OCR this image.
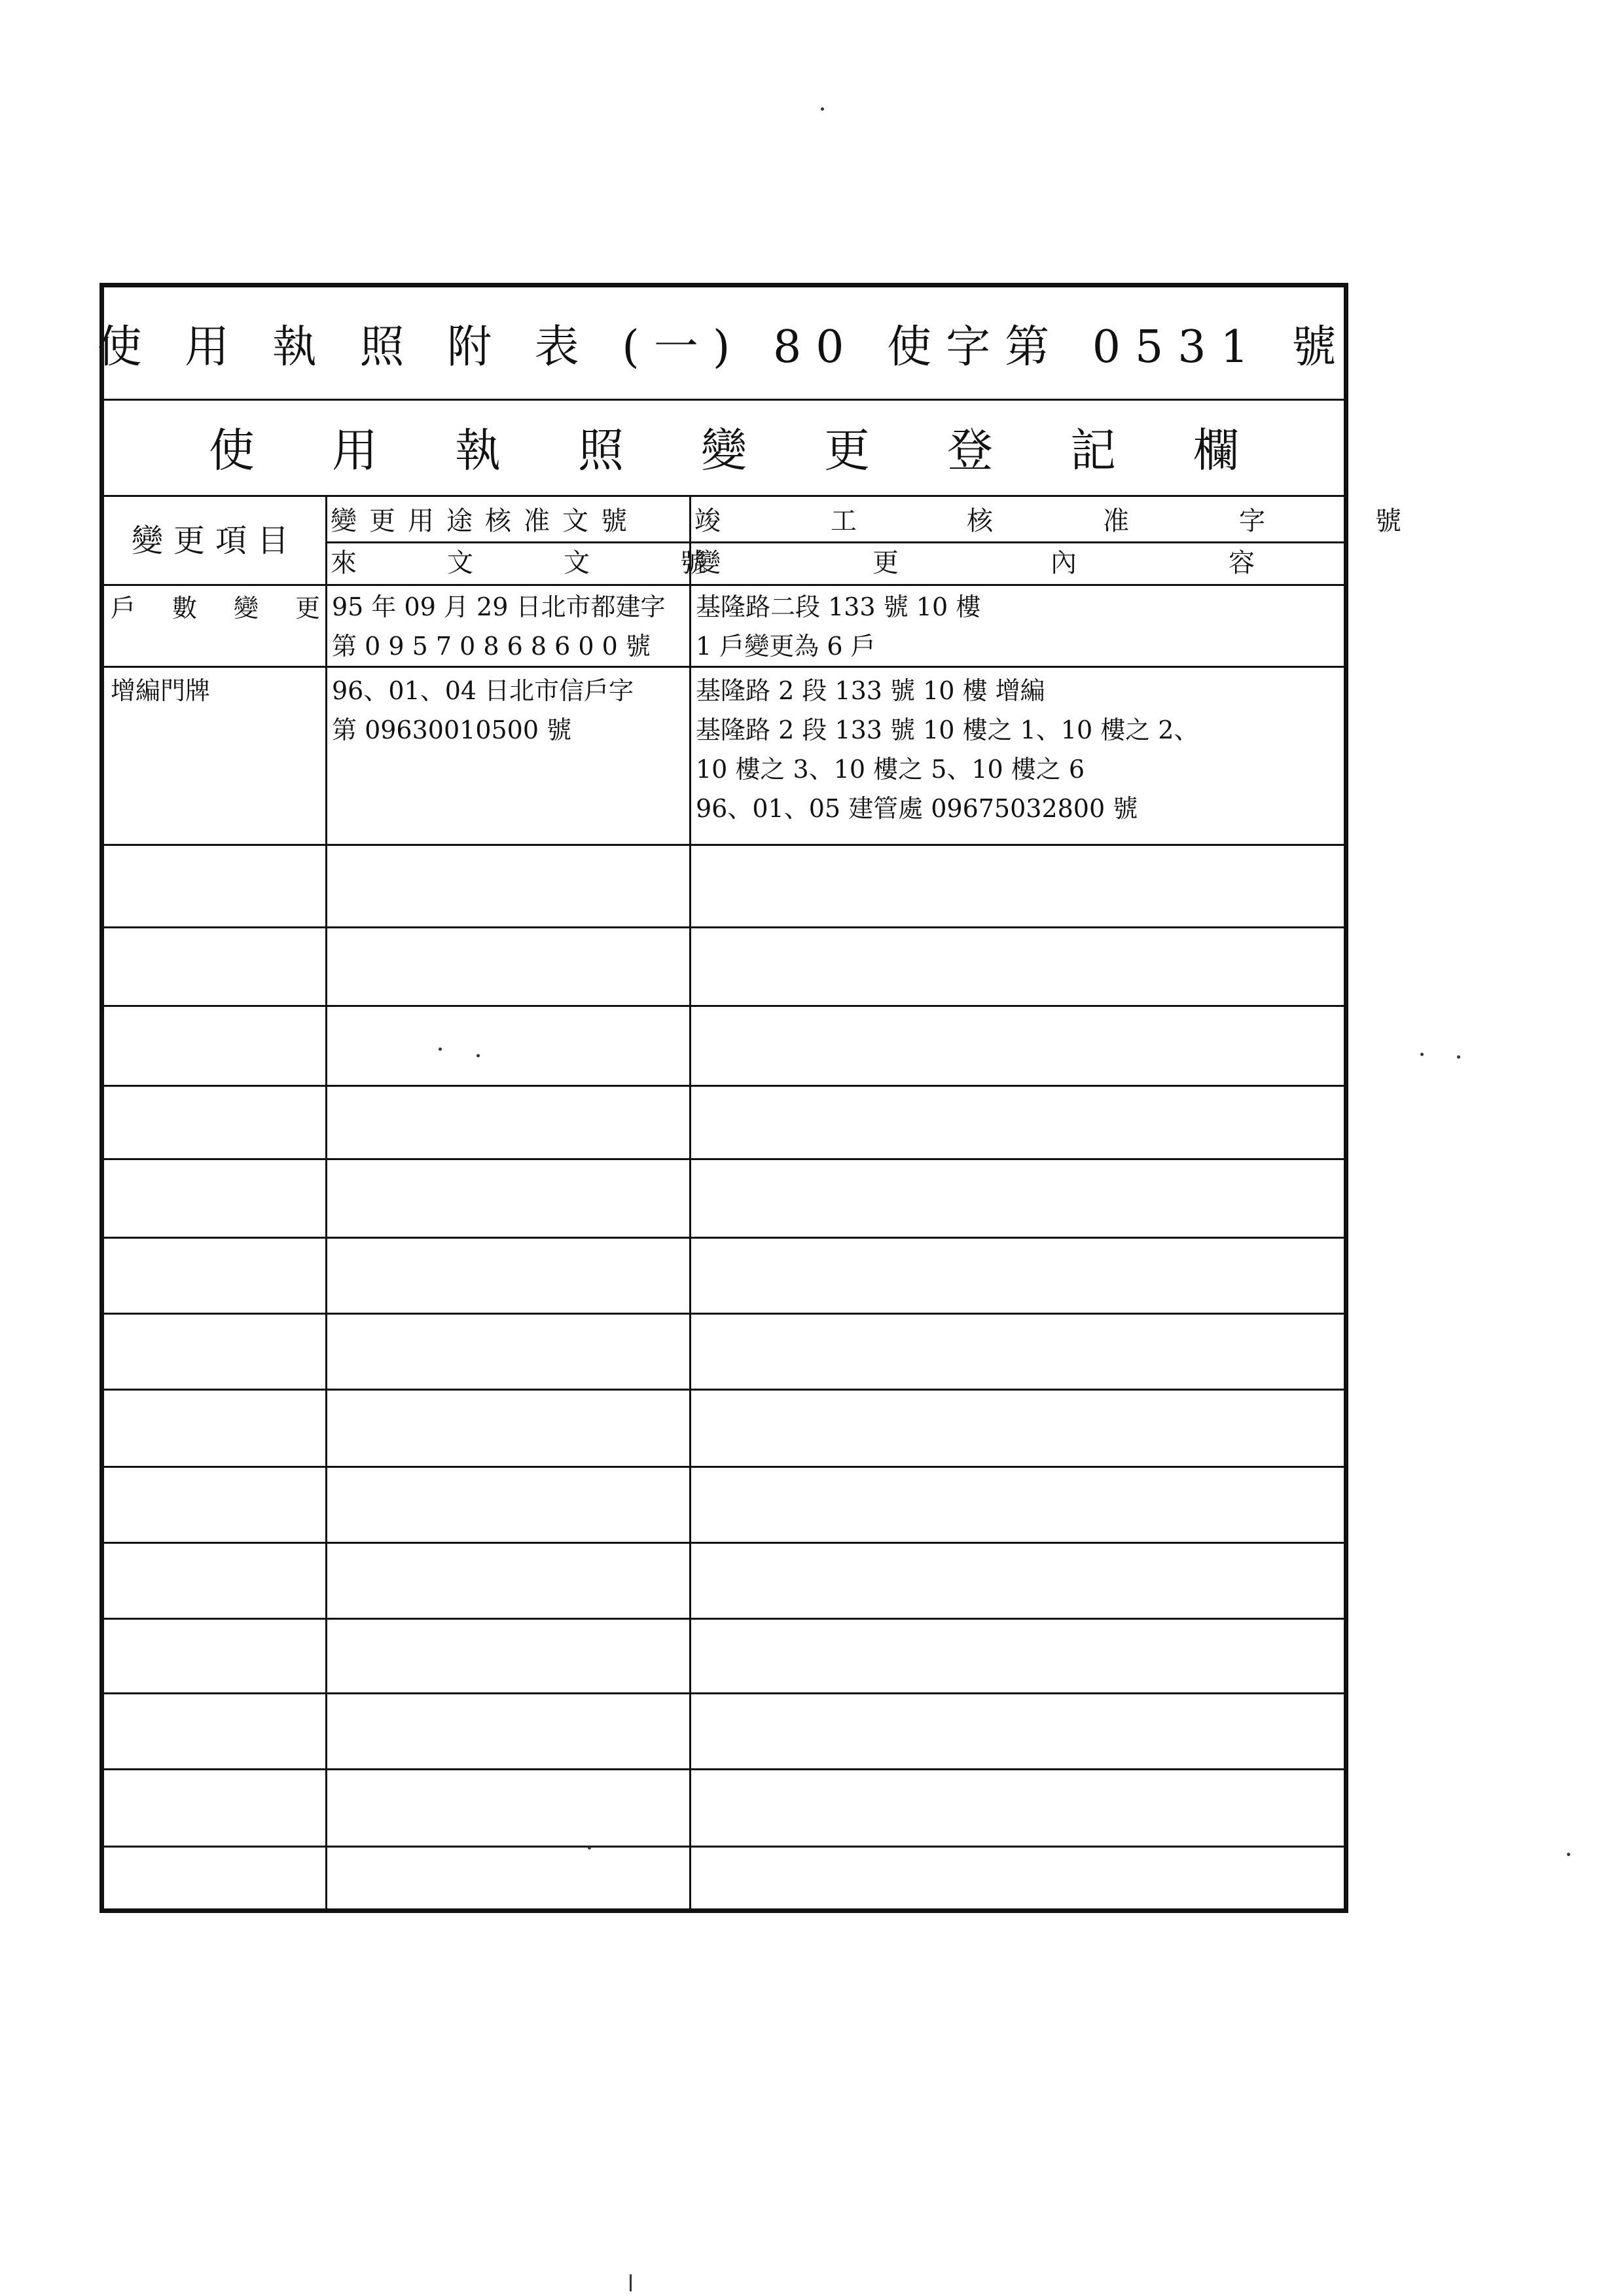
使 用 執 照 附 表 (一) 80 使字第 0531 號
使用執照變更登記欄
變更項目
變更用途核准文號 竣工核准字號
來文文號
變更內容
戶數變更
95 年 09 月 29 日北市都建字
第 0 9 5 7 0 8 6 8 6 0 0 號
基隆路二段 133 號 10 樓
1 戶變更為 6 戶
增編門牌	96、01、04 日北市信戶字
第 09630010500 號
基隆路 2 段 133 號 10 樓 增編
基隆路 2 段 133 號 10 樓之 1、10 樓之 2、
10 樓之 3、10 樓之 5、10 樓之 6
96、01、05 建管處 09675032800 號
